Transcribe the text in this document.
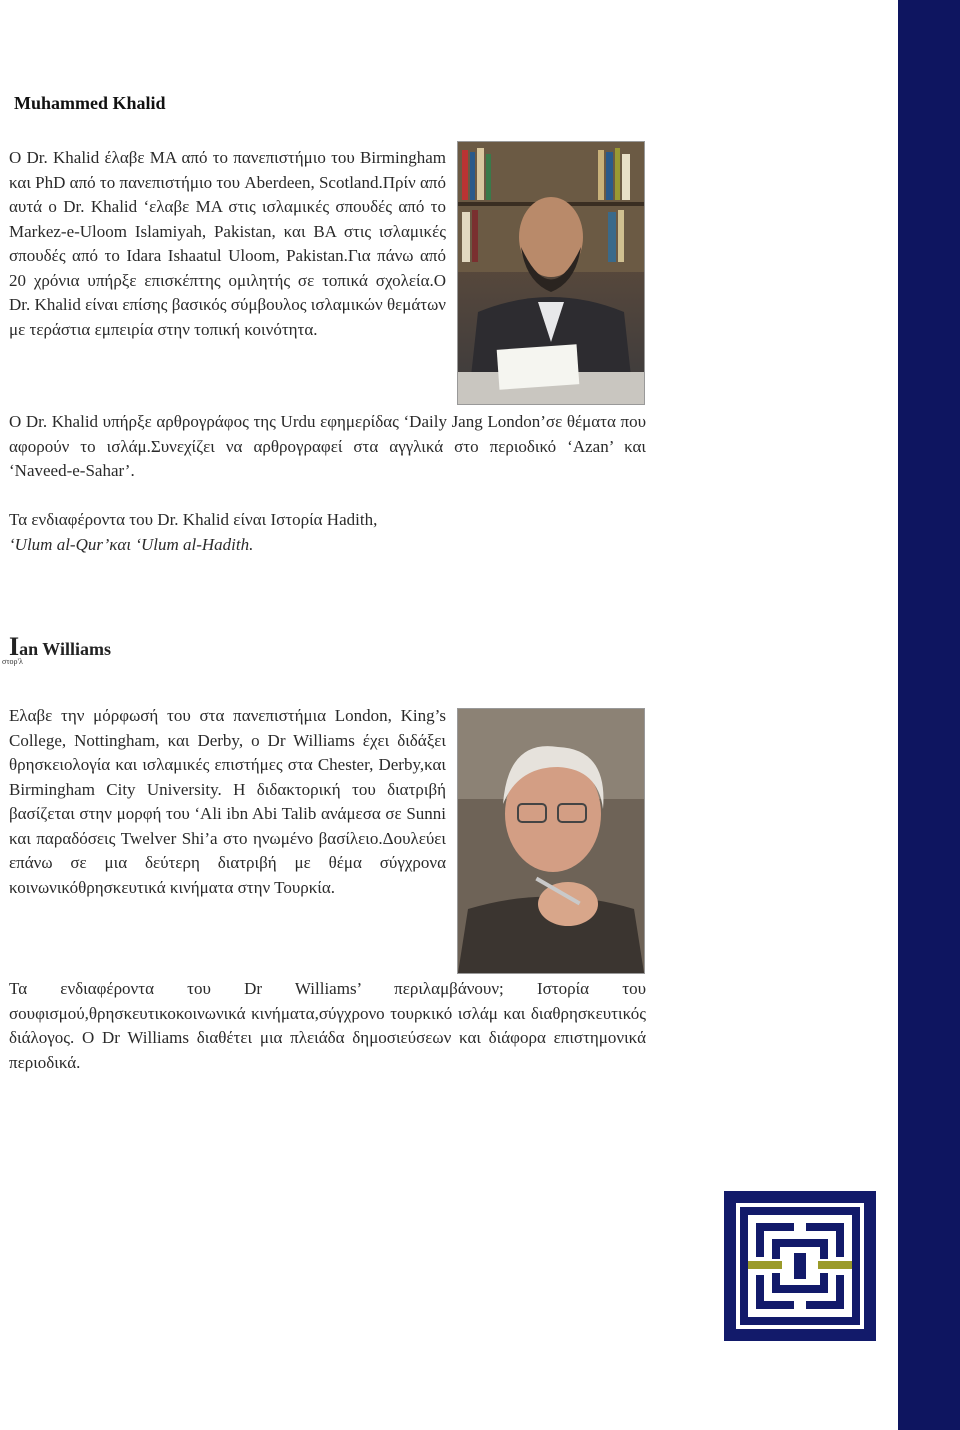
Muhammed Khalid

Ο Dr. Khalid έλαβε MA από το πανεπιστήμιο του Birmingham και PhD από το πανεπιστήμιο του Aberdeen, Scotland.Πρίν από αυτά ο Dr. Khalid ‘ελαβε MA στις ισλαμικές σπουδές από το Markez-e-Uloom Islamiyah, Pakistan, και BA στις ισλαμικές σπουδές από το Idara Ishaatul Uloom, Pakistan.Για πάνω από 20 χρόνια υπήρξε επισκέπτης ομιλητής σε τοπικά σχολεία.Ο Dr. Khalid είναι επίσης βασικός σύμβουλος ισλαμικών θεμάτων με τεράστια εμπειρία στην τοπική κοινότητα.

Ο Dr. Khalid υπήρξε αρθρογράφος της Urdu εφημερίδας ‘Daily Jang London’σε θέματα που αφορούν το ισλάμ.Συνεχίζει να αρθρογραφεί στα αγγλικά στο περιοδικό ‘Azan’ και ‘Naveed-e-Sahar’.

Τα ενδιαφέροντα του Dr. Khalid είναι Ιστορία Hadith,
‘Ulum al-Qur’και ‘Ulum al-Hadith.

Ian Williams
στορ'λ

Ελαβε την μόρφωσή του στα πανεπιστήμια London, King’s College, Nottingham, και Derby, ο Dr Williams έχει διδάξει θρησκειολογία και ισλαμικές επιστήμες στα Chester, Derby,και Birmingham City University. Η διδακτορική του διατριβή βασίζεται στην μορφή του ‘Ali ibn Abi Talib ανάμεσα σε Sunni και παραδόσεις Twelver Shi’a στο ηνωμένο βασίλειο.Δουλεύει επάνω σε μια δεύτερη διατριβή με θέμα σύγχρονα κοινωνικόθρησκευτικά κινήματα στην Τουρκία.

Τα ενδιαφέροντα του Dr Williams’ περιλαμβάνουν; Ιστορία του σουφισμού,θρησκευτικοκοινωνικά κινήματα,σύγχρονο τουρκικό ισλάμ και διαθρησκευτικός διάλογος. Ο Dr Williams διαθέτει μια πλειάδα δημοσιεύσεων και διάφορα επιστημονικά περιοδικά.
